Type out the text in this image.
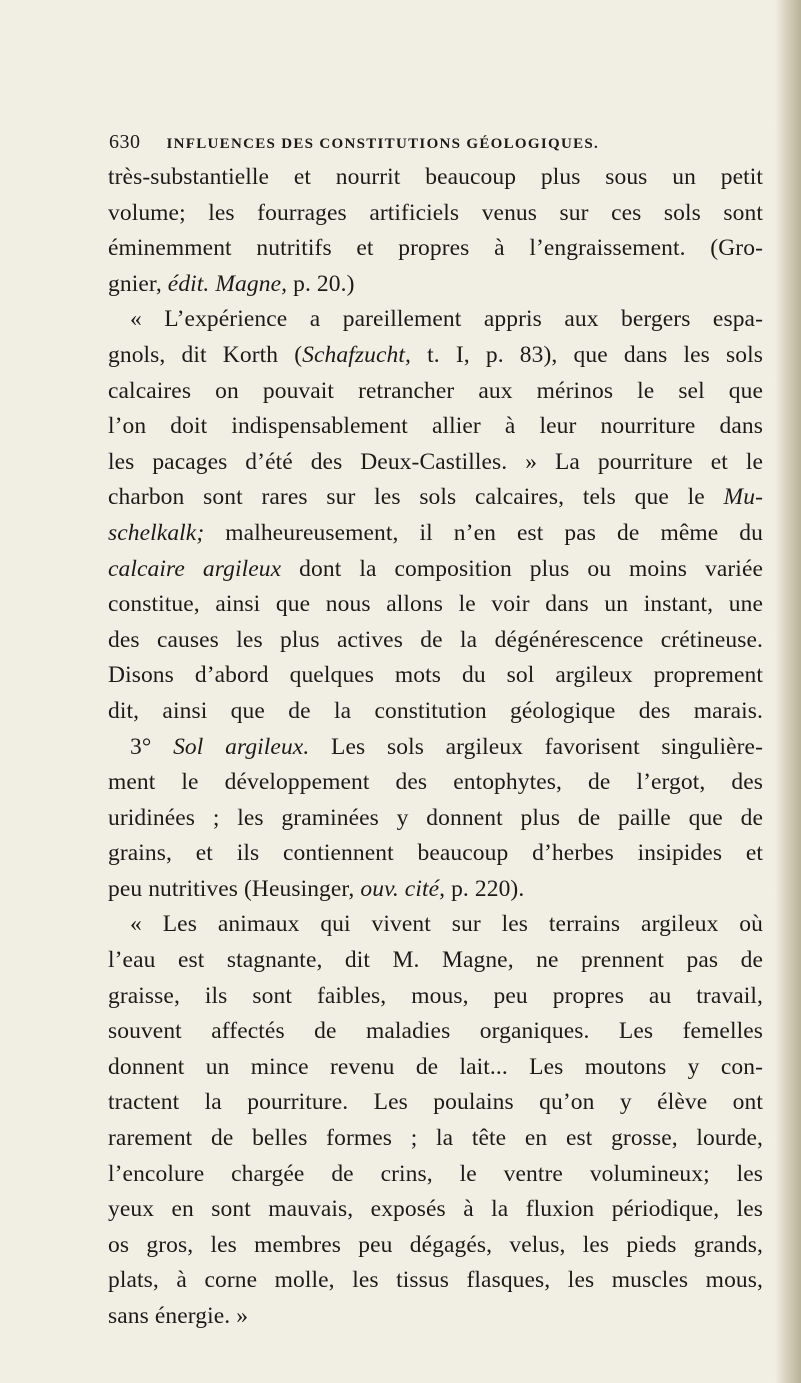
630 INFLUENCES DES CONSTITUTIONS GÉOLOGIQUES.
très-substantielle et nourrit beaucoup plus sous un petit
volume; les fourrages artificiels venus sur ces sols sont
éminemment nutritifs et propres à l’engraissement. (Gro-
gnier, édit. Magne, p. 20.)
« L’expérience a pareillement appris aux bergers espa-
gnols, dit Korth (Schafzucht, t. I, p. 83), que dans les sols
calcaires on pouvait retrancher aux mérinos le sel que
l’on doit indispensablement allier à leur nourriture dans
les pacages d’été des Deux-Castilles. » La pourriture et le
charbon sont rares sur les sols calcaires, tels que le Mu-
schelkalk; malheureusement, il n’en est pas de même du
calcaire argileux dont la composition plus ou moins variée
constitue, ainsi que nous allons le voir dans un instant, une
des causes les plus actives de la dégénérescence crétineuse.
Disons d’abord quelques mots du sol argileux proprement
dit, ainsi que de la constitution géologique des marais.
3° Sol argileux. Les sols argileux favorisent singulière-
ment le développement des entophytes, de l’ergot, des
uridinées ; les graminées y donnent plus de paille que de
grains, et ils contiennent beaucoup d’herbes insipides et
peu nutritives (Heusinger, ouv. cité, p. 220).
« Les animaux qui vivent sur les terrains argileux où
l’eau est stagnante, dit M. Magne, ne prennent pas de
graisse, ils sont faibles, mous, peu propres au travail,
souvent affectés de maladies organiques. Les femelles
donnent un mince revenu de lait... Les moutons y con-
tractent la pourriture. Les poulains qu’on y élève ont
rarement de belles formes ; la tête en est grosse, lourde,
l’encolure chargée de crins, le ventre volumineux; les
yeux en sont mauvais, exposés à la fluxion périodique, les
os gros, les membres peu dégagés, velus, les pieds grands,
plats, à corne molle, les tissus flasques, les muscles mous,
sans énergie. »
